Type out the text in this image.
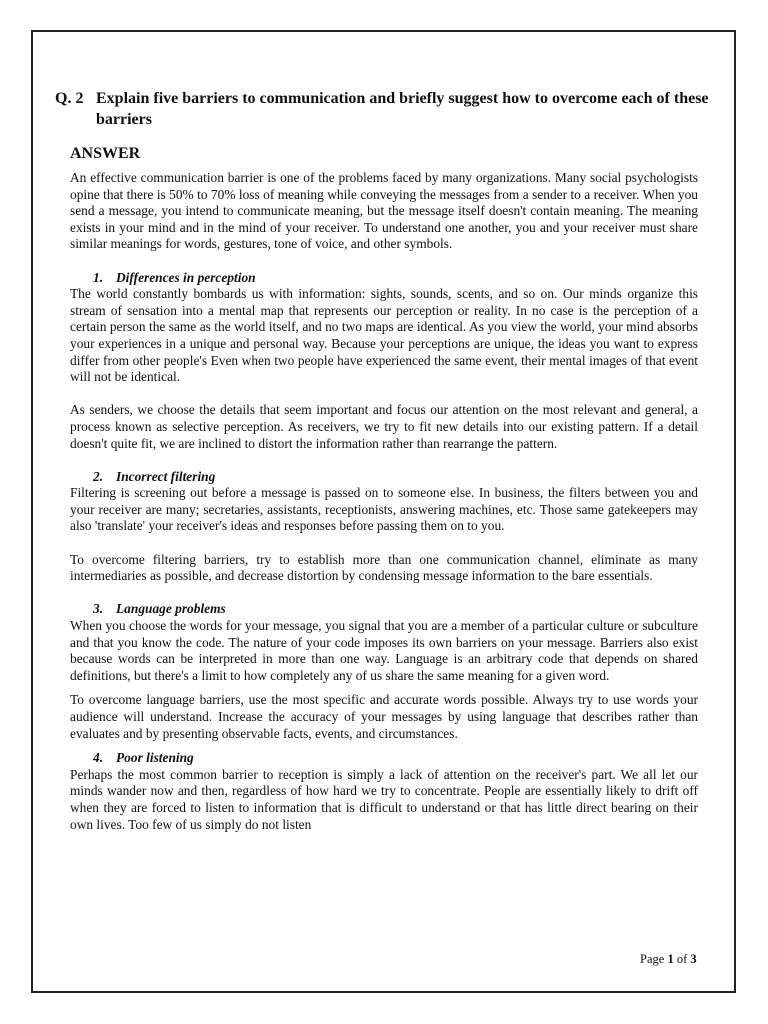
Q. 2 Explain five barriers to communication and briefly suggest how to overcome each of these barriers
ANSWER

An effective communication barrier is one of the problems faced by many organizations. Many social psychologists opine that there is 50% to 70% loss of meaning while conveying the messages from a sender to a receiver. When you send a message, you intend to communicate meaning, but the message itself doesn't contain meaning. The meaning exists in your mind and in the mind of your receiver. To understand one another, you and your receiver must share similar meanings for words, gestures, tone of voice, and other symbols.

1. Differences in perception

The world constantly bombards us with information: sights, sounds, scents, and so on. Our minds organize this stream of sensation into a mental map that represents our perception or reality. In no case is the perception of a certain person the same as the world itself, and no two maps are identical. As you view the world, your mind absorbs your experiences in a unique and personal way. Because your perceptions are unique, the ideas you want to express differ from other people's Even when two people have experienced the same event, their mental images of that event will not be identical.

As senders, we choose the details that seem important and focus our attention on the most relevant and general, a process known as selective perception. As receivers, we try to fit new details into our existing pattern. If a detail doesn't quite fit, we are inclined to distort the information rather than rearrange the pattern.

2. Incorrect filtering

Filtering is screening out before a message is passed on to someone else. In business, the filters between you and your receiver are many; secretaries, assistants, receptionists, answering machines, etc. Those same gatekeepers may also 'translate' your receiver's ideas and responses before passing them on to you.

To overcome filtering barriers, try to establish more than one communication channel, eliminate as many intermediaries as possible, and decrease distortion by condensing message information to the bare essentials.

3. Language problems

When you choose the words for your message, you signal that you are a member of a particular culture or subculture and that you know the code. The nature of your code imposes its own barriers on your message. Barriers also exist because words can be interpreted in more than one way. Language is an arbitrary code that depends on shared definitions, but there's a limit to how completely any of us share the same meaning for a given word.

To overcome language barriers, use the most specific and accurate words possible. Always try to use words your audience will understand. Increase the accuracy of your messages by using language that describes rather than evaluates and by presenting observable facts, events, and circumstances.

4. Poor listening

Perhaps the most common barrier to reception is simply a lack of attention on the receiver's part. We all let our minds wander now and then, regardless of how hard we try to concentrate. People are essentially likely to drift off when they are forced to listen to information that is difficult to understand or that has little direct bearing on their own lives. Too few of us simply do not listen

Page 1 of 3
